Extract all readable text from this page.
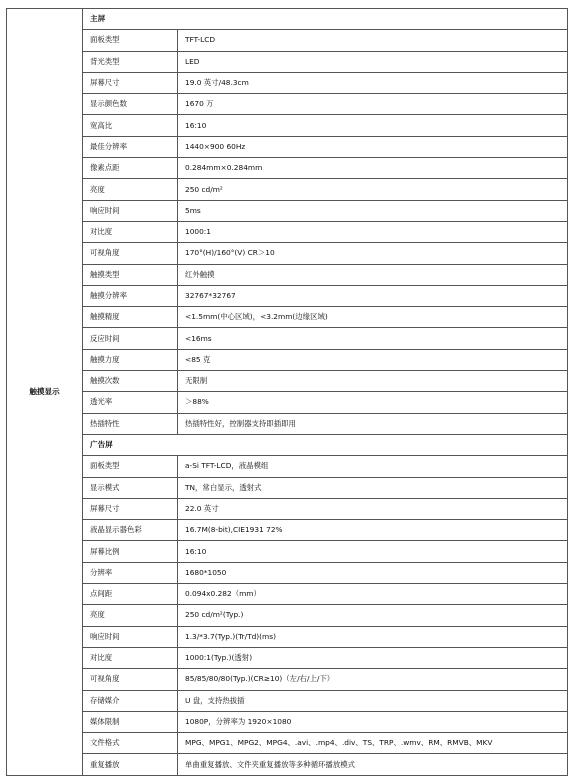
触摸显示	主屏	
	面板类型	TFT-LCD
	背光类型	LED
	屏幕尺寸	19.0 英寸/48.3cm
	显示颜色数	1670 万
	宽高比	16:10
	最佳分辨率	1440×900 60Hz
	像素点距	0.284mm×0.284mm
	亮度	250 cd/m²
	响应时间	5ms
	对比度	1000:1
	可视角度	170°(H)/160°(V) CR＞10
	触摸类型	红外触摸
	触摸分辨率	32767*32767
	触摸精度	<1.5mm(中心区域)，<3.2mm(边缘区域)
	反应时间	<16ms
	触摸力度	<85 克
	触摸次数	无限制
	透光率	＞88%
	热插特性	热插特性好，控制器支持即插即用
	广告屏	
	面板类型	a-Si TFT-LCD，液晶模组
	显示模式	TN，常白显示，透射式
	屏幕尺寸	22.0 英寸
	液晶显示器色彩	16.7M(8-bit),CIE1931 72%
	屏幕比例	16:10
	分辨率	1680*1050
	点间距	0.094x0.282（mm）
	亮度	250 cd/m²(Typ.)
	响应时间	1.3/*3.7(Typ.)(Tr/Td)(ms)
	对比度	1000:1(Typ.)(透射)
	可视角度	85/85/80/80(Typ.)(CR≥10)（左/右/上/下）
	存储媒介	U 盘，支持热拔插
	媒体限制	1080P，分辨率为 1920×1080
	文件格式	MPG、MPG1、MPG2、MPG4、.avi、.mp4、.div、TS、TRP、.wmv、RM、RMVB、MKV
	重复播放	单曲重复播放、文件夹重复播放等多种循环播放模式
